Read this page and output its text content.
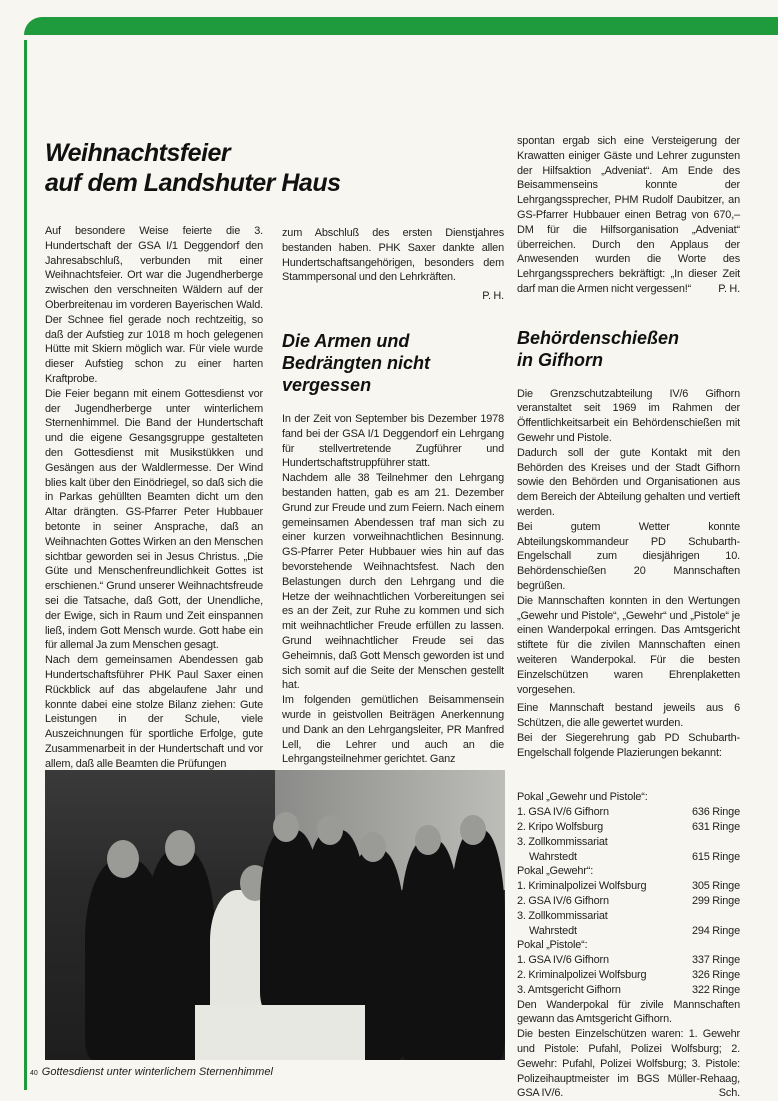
Weihnachtsfeier
auf dem Landshuter Haus

Auf besondere Weise feierte die 3. Hundertschaft der GSA I/1 Deggendorf den Jahresabschluß, verbunden mit einer Weihnachtsfeier. Ort war die Jugendherberge zwischen den verschneiten Wäldern auf der Oberbreitenau im vorderen Bayerischen Wald. Der Schnee fiel gerade noch rechtzeitig, so daß der Aufstieg zur 1018 m hoch gelegenen Hütte mit Skiern möglich war. Für viele wurde dieser Aufstieg schon zu einer harten Kraftprobe.

Die Feier begann mit einem Gottesdienst vor der Jugendherberge unter winterlichem Sternenhimmel. Die Band der Hundertschaft und die eigene Gesangsgruppe gestalteten den Gottesdienst mit Musikstükken und Gesängen aus der Waldlermesse. Der Wind blies kalt über den Einödriegel, so daß sich die in Parkas gehüllten Beamten dicht um den Altar drängten. GS-Pfarrer Peter Hubbauer betonte in seiner Ansprache, daß an Weihnachten Gottes Wirken an den Menschen sichtbar geworden sei in Jesus Christus. „Die Güte und Menschenfreundlichkeit Gottes ist erschienen.“ Grund unserer Weihnachtsfreude sei die Tatsache, daß Gott, der Unendliche, der Ewige, sich in Raum und Zeit einspannen ließ, indem Gott Mensch wurde. Gott habe ein für allemal Ja zum Menschen gesagt.

Nach dem gemeinsamen Abendessen gab Hundertschaftsführer PHK Paul Saxer einen Rückblick auf das abgelaufene Jahr und konnte dabei eine stolze Bilanz ziehen: Gute Leistungen in der Schule, viele Auszeichnungen für sportliche Erfolge, gute Zusammenarbeit in der Hundertschaft und vor allem, daß alle Beamten die Prüfungen

zum Abschluß des ersten Dienstjahres bestanden haben. PHK Saxer dankte allen Hundertschaftsangehörigen, besonders dem Stammpersonal und den Lehrkräften.

P. H.

Die Armen und Bedrängten nicht vergessen

In der Zeit von September bis Dezember 1978 fand bei der GSA I/1 Deggendorf ein Lehrgang für stellvertretende Zugführer und Hundertschaftstruppführer statt.

Nachdem alle 38 Teilnehmer den Lehrgang bestanden hatten, gab es am 21. Dezember Grund zur Freude und zum Feiern. Nach einem gemeinsamen Abendessen traf man sich zu einer kurzen vorweihnachtlichen Besinnung. GS-Pfarrer Peter Hubbauer wies hin auf das bevorstehende Weihnachtsfest. Nach den Belastungen durch den Lehrgang und die Hetze der weihnachtlichen Vorbereitungen sei es an der Zeit, zur Ruhe zu kommen und sich mit weihnachtlicher Freude erfüllen zu lassen. Grund weihnachtlicher Freude sei das Geheimnis, daß Gott Mensch geworden ist und sich somit auf die Seite der Menschen gestellt hat.

Im folgenden gemütlichen Beisammensein wurde in geistvollen Beiträgen Anerkennung und Dank an den Lehrgangsleiter, PR Manfred Lell, die Lehrer und auch an die Lehrgangsteilnehmer gerichtet. Ganz

spontan ergab sich eine Versteigerung der Krawatten einiger Gäste und Lehrer zugunsten der Hilfsaktion „Adveniat“. Am Ende des Beisammenseins konnte der Lehrgangssprecher, PHM Rudolf Daubitzer, an GS-Pfarrer Hubbauer einen Betrag von 670,– DM für die Hilfsorganisation „Adveniat“ überreichen. Durch den Applaus der Anwesenden wurden die Worte des Lehrgangssprechers bekräftigt: „In dieser Zeit darf man die Armen nicht vergessen!“	P. H.

Behördenschießen
in Gifhorn

Die Grenzschutzabteilung IV/6 Gifhorn veranstaltet seit 1969 im Rahmen der Öffentlichkeitsarbeit ein Behördenschießen mit Gewehr und Pistole.

Dadurch soll der gute Kontakt mit den Behörden des Kreises und der Stadt Gifhorn sowie den Behörden und Organisationen aus dem Bereich der Abteilung gehalten und vertieft werden.

Bei gutem Wetter konnte Abteilungskommandeur PD Schubarth-Engelschall zum diesjährigen 10. Behördenschießen 20 Mannschaften begrüßen.

Die Mannschaften konnten in den Wertungen „Gewehr und Pistole“, „Gewehr“ und „Pistole“ je einen Wanderpokal erringen. Das Amtsgericht stiftete für die zivilen Mannschaften einen weiteren Wanderpokal. Für die besten Einzelschützen waren Ehrenplaketten vorgesehen.

Eine Mannschaft bestand jeweils aus 6 Schützen, die alle gewertet wurden.

Bei der Siegerehrung gab PD Schubarth-Engelschall folgende Plazierungen bekannt:

Pokal „Gewehr und Pistole“:
1. GSA IV/6 Gifhorn	636 Ringe
2. Kripo Wolfsburg	631 Ringe
3. Zollkommissariat
Wahrstedt	615 Ringe
Pokal „Gewehr“:
1. Kriminalpolizei Wolfsburg	305 Ringe
2. GSA IV/6 Gifhorn	299 Ringe
3. Zollkommissariat
Wahrstedt	294 Ringe
Pokal „Pistole“:
1. GSA IV/6 Gifhorn	337 Ringe
2. Kriminalpolizei Wolfsburg	326 Ringe
3. Amtsgericht Gifhorn	322 Ringe

Den Wanderpokal für zivile Mannschaften gewann das Amtsgericht Gifhorn.

Die besten Einzelschützen waren: 1. Gewehr und Pistole: Pufahl, Polizei Wolfsburg; 2. Gewehr: Pufahl, Polizei Wolfsburg; 3. Pistole: Polizeihauptmeister im BGS Müller-Rehaag, GSA IV/6.	Sch.

40 Gottesdienst unter winterlichem Sternenhimmel
